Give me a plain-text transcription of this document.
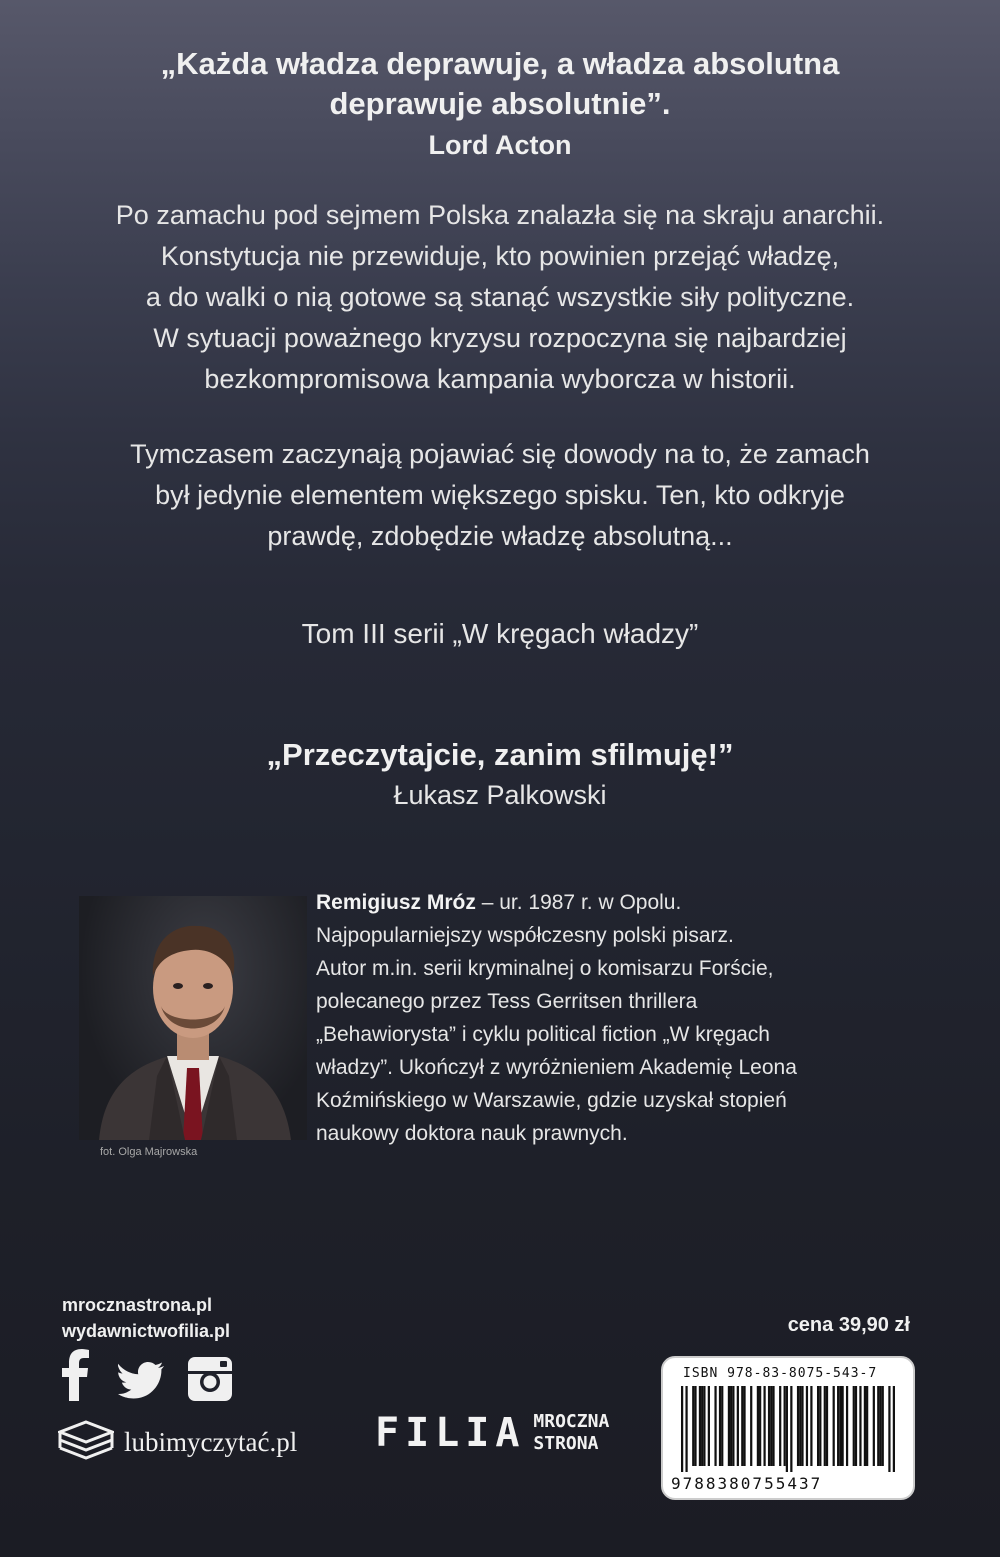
„Każda władza deprawuje, a władza absolutna
deprawuje absolutnie”.
Lord Acton
Po zamachu pod sejmem Polska znalazła się na skraju anarchii.
Konstytucja nie przewiduje, kto powinien przejąć władzę,
a do walki o nią gotowe są stanąć wszystkie siły polityczne.
W sytuacji poważnego kryzysu rozpoczyna się najbardziej
bezkompromisowa kampania wyborcza w historii.
Tymczasem zaczynają pojawiać się dowody na to, że zamach
był jedynie elementem większego spisku. Ten, kto odkryje
prawdę, zdobędzie władzę absolutną...
Tom III serii „W kręgach władzy”
„Przeczytajcie, zanim sfilmuję!”
Łukasz Palkowski
fot. Olga Majrowska
Remigiusz Mróz – ur. 1987 r. w Opolu.
Najpopularniejszy współczesny polski pisarz.
Autor m.in. serii kryminalnej o komisarzu Forście,
polecanego przez Tess Gerritsen thrillera
„Behawiorysta” i cyklu political fiction „W kręgach
władzy”. Ukończył z wyróżnieniem Akademię Leona
Koźmińskiego w Warszawie, gdzie uzyskał stopień
naukowy doktora nauk prawnych.
mrocznastrona.pl
wydawnictwofilia.pl
lubimyczytać.pl FILIA MROCZNA
STRONA
cena 39,90 zł
ISBN 978-83-8075-543-7
9788380755437
